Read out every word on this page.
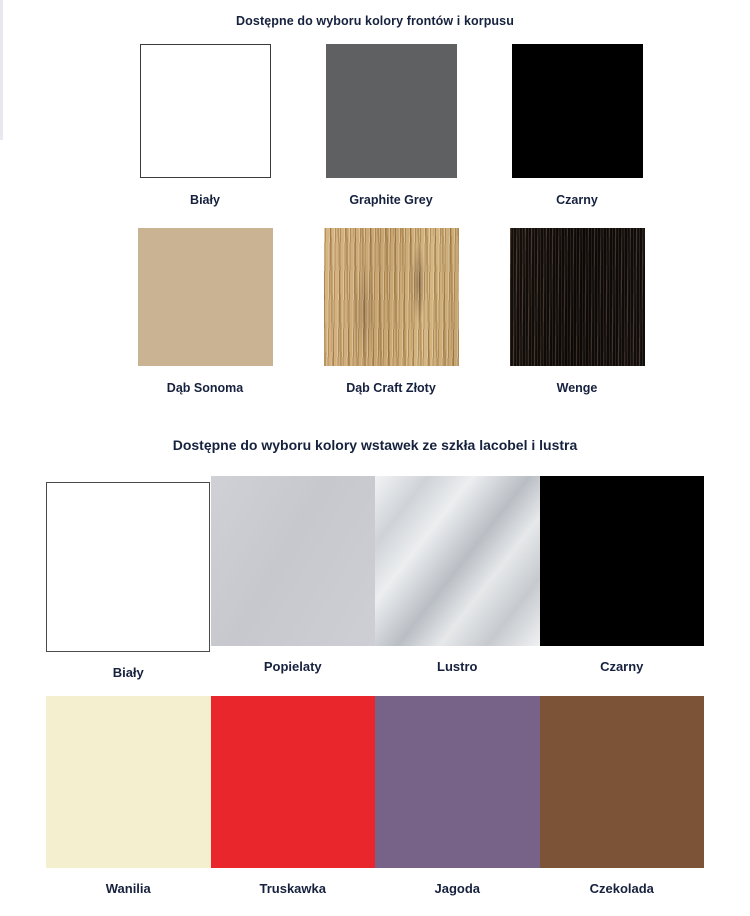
Dostępne do wyboru kolory frontów i korpusu
Biały	Graphite Grey	Czarny
Dąb Sonoma	Dąb Craft Złoty	Wenge
Dostępne do wyboru kolory wstawek ze szkła lacobel i lustra
Biały	Popielaty	Lustro	Czarny
Wanilia	Truskawka	Jagoda	Czekolada
